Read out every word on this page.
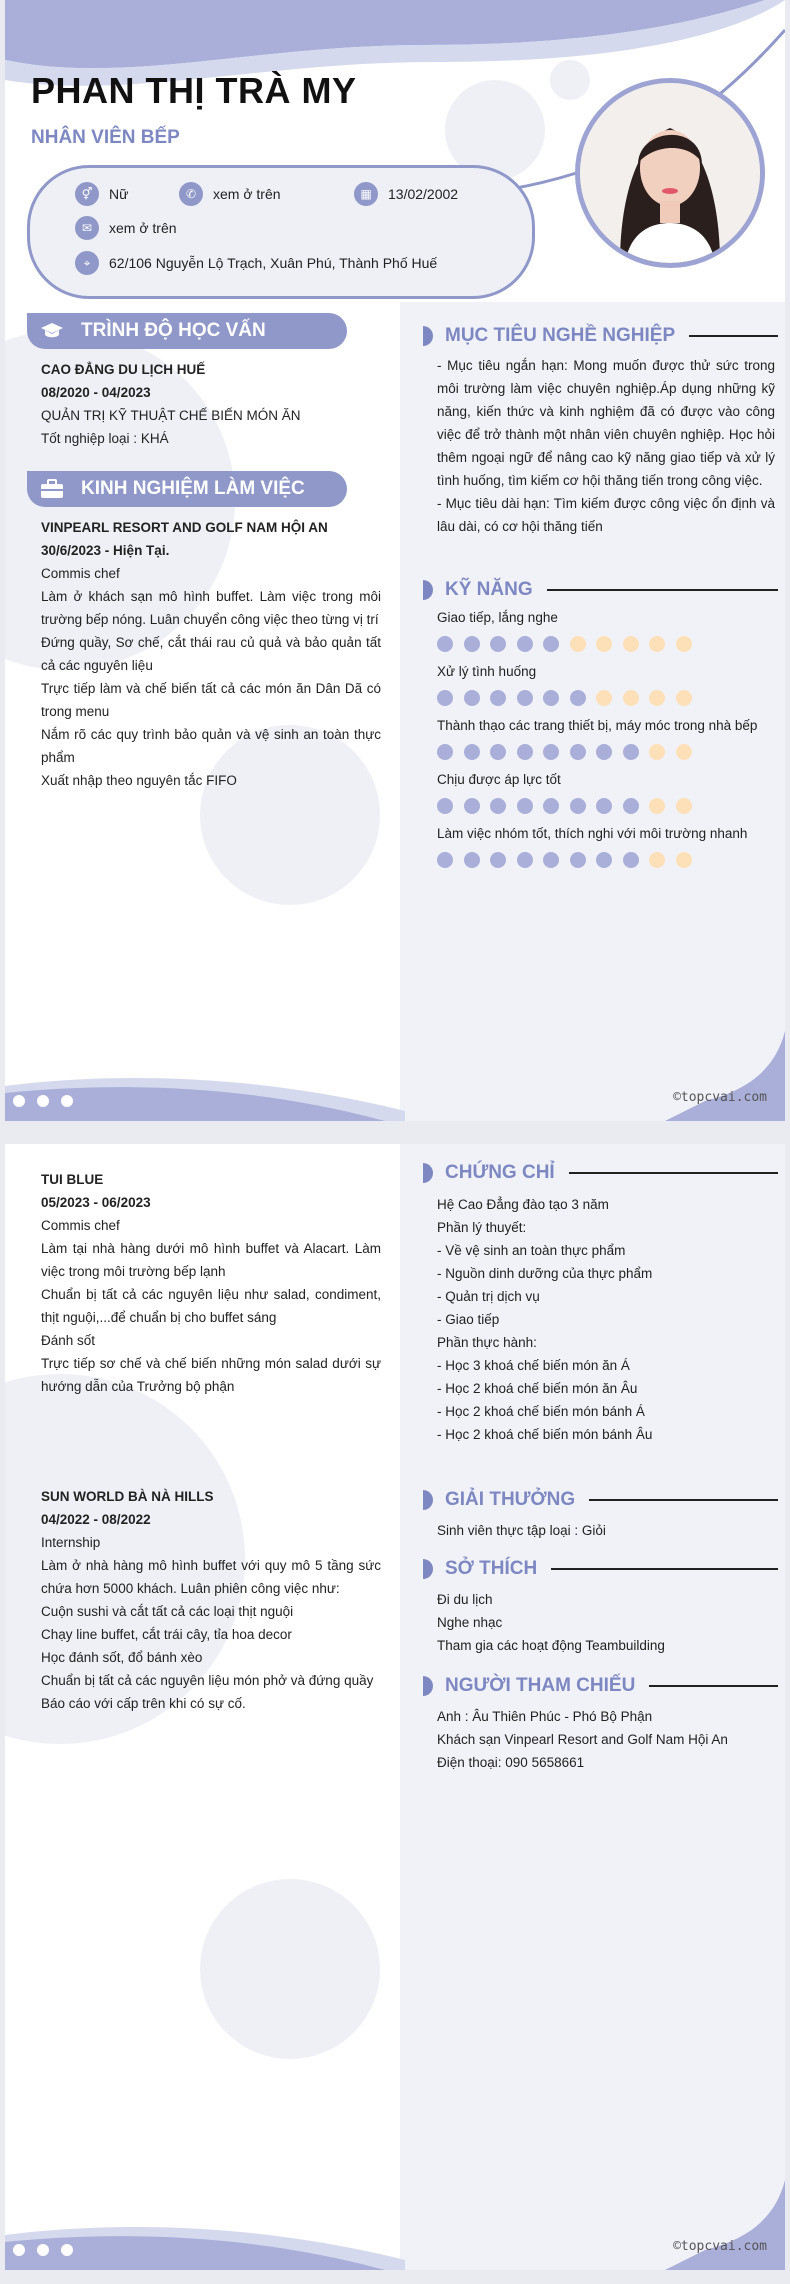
PHAN THỊ TRÀ MY
NHÂN VIÊN BẾP
⚥	Nữ	✆	xem ở trên	▦	13/02/2002
✉	xem ở trên
⌖	62/106 Nguyễn Lộ Trạch, Xuân Phú, Thành Phố Huế
TRÌNH ĐỘ HỌC VẤN
CAO ĐẲNG DU LỊCH HUẾ
08/2020 - 04/2023
QUẢN TRỊ KỸ THUẬT CHẾ BIẾN MÓN ĂN
Tốt nghiệp loại : KHÁ
KINH NGHIỆM LÀM VIỆC
VINPEARL RESORT AND GOLF NAM HỘI AN
30/6/2023 - Hiện Tại.
Commis chef
Làm ở khách sạn mô hình buffet. Làm việc trong môi trường bếp nóng. Luân chuyển công việc theo từng vị trí
Đứng quầy, Sơ chế, cắt thái rau củ quả và bảo quản tất cả các nguyên liệu
Trực tiếp làm và chế biến tất cả các món ăn Dân Dã có trong menu
Nắm rõ các quy trình bảo quản và vệ sinh an toàn thực phẩm
Xuất nhập theo nguyên tắc FIFO
MỤC TIÊU NGHỀ NGHIỆP
- Mục tiêu ngắn hạn: Mong muốn được thử sức trong môi trường làm việc chuyên nghiệp.Áp dụng những kỹ năng, kiến thức và kinh nghiệm đã có được vào công việc để trở thành một nhân viên chuyên nghiệp. Học hỏi thêm ngoại ngữ để nâng cao kỹ năng giao tiếp và xử lý tình huống, tìm kiếm cơ hội thăng tiến trong công việc.
- Mục tiêu dài hạn: Tìm kiếm được công việc ổn định và lâu dài, có cơ hội thăng tiến
KỸ NĂNG
Giao tiếp, lắng nghe
Xử lý tình huống
Thành thạo các trang thiết bị, máy móc trong nhà bếp
Chịu được áp lực tốt
Làm việc nhóm tốt, thích nghi với môi trường nhanh
©topcvai.com
TUI BLUE
05/2023 - 06/2023
Commis chef
Làm tại nhà hàng dưới mô hình buffet và Alacart. Làm việc trong môi trường bếp lạnh
Chuẩn bị tất cả các nguyên liệu như salad, condiment, thịt nguội,...để chuẩn bị cho buffet sáng
Đánh sốt
Trực tiếp sơ chế và chế biến những món salad dưới sự hướng dẫn của Trưởng bộ phận
SUN WORLD BÀ NÀ HILLS
04/2022 - 08/2022
Internship
Làm ở nhà hàng mô hình buffet với quy mô 5 tầng sức chứa hơn 5000 khách. Luân phiên công việc như:
Cuộn sushi và cắt tất cả các loại thịt nguội
Chạy line buffet, cắt trái cây, tỉa hoa decor
Học đánh sốt, đổ bánh xèo
Chuẩn bị tất cả các nguyên liệu món phở và đứng quầy
Báo cáo với cấp trên khi có sự cố.
CHỨNG CHỈ
Hệ Cao Đẳng đào tạo 3 năm
Phần lý thuyết:
- Về vệ sinh an toàn thực phẩm
- Nguồn dinh dưỡng của thực phẩm
- Quản trị dịch vụ
- Giao tiếp
Phần thực hành:
- Học 3 khoá chế biến món ăn Á
- Học 2 khoá chế biến món ăn Âu
- Học 2 khoá chế biến món bánh Á
- Học 2 khoá chế biến món bánh Âu
GIẢI THƯỞNG
Sinh viên thực tập loại : Giỏi
SỞ THÍCH
Đi du lịch
Nghe nhạc
Tham gia các hoạt động Teambuilding
NGƯỜI THAM CHIẾU
Anh : Âu Thiên Phúc - Phó Bộ Phận
Khách sạn Vinpearl Resort and Golf Nam Hội An
Điện thoại: 090 5658661
©topcvai.com
